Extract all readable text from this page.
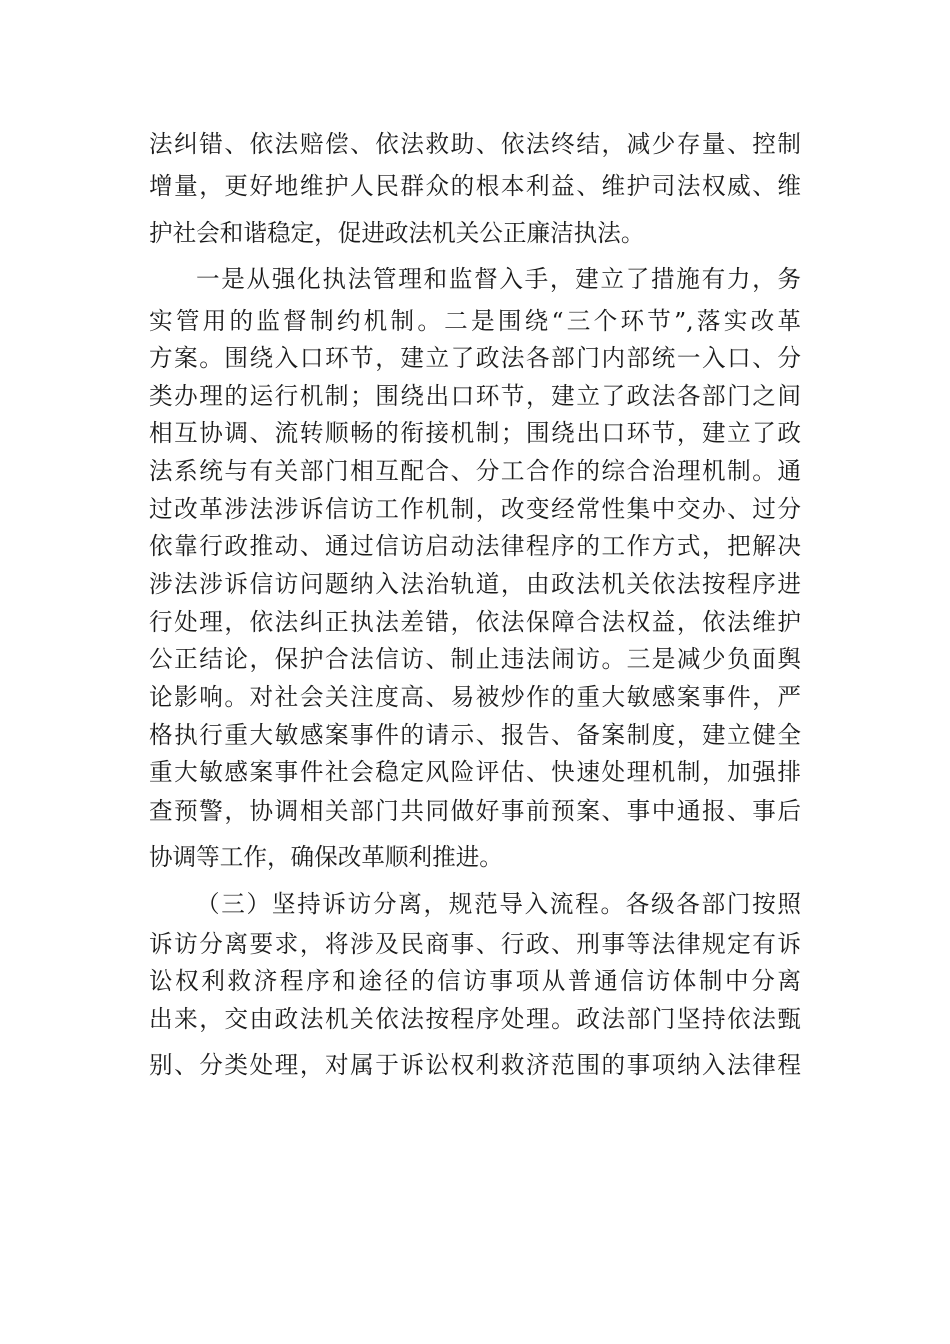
法纠错、依法赔偿、依法救助、依法终结，减少存量、控制
增量，更好地维护人民群众的根本利益、维护司法权威、维
护社会和谐稳定，促进政法机关公正廉洁执法。
一是从强化执法管理和监督入手，建立了措施有力，务
实管用的监督制约机制。二是围绕“三个环节”,落实改革
方案。围绕入口环节，建立了政法各部门内部统一入口、分
类办理的运行机制；围绕出口环节，建立了政法各部门之间
相互协调、流转顺畅的衔接机制；围绕出口环节，建立了政
法系统与有关部门相互配合、分工合作的综合治理机制。通
过改革涉法涉诉信访工作机制，改变经常性集中交办、过分
依靠行政推动、通过信访启动法律程序的工作方式，把解决
涉法涉诉信访问题纳入法治轨道，由政法机关依法按程序进
行处理，依法纠正执法差错，依法保障合法权益，依法维护
公正结论，保护合法信访、制止违法闹访。三是减少负面舆
论影响。对社会关注度高、易被炒作的重大敏感案事件，严
格执行重大敏感案事件的请示、报告、备案制度，建立健全
重大敏感案事件社会稳定风险评估、快速处理机制，加强排
查预警，协调相关部门共同做好事前预案、事中通报、事后
协调等工作，确保改革顺利推进。
（三）坚持诉访分离，规范导入流程。各级各部门按照
诉访分离要求，将涉及民商事、行政、刑事等法律规定有诉
讼权利救济程序和途径的信访事项从普通信访体制中分离
出来，交由政法机关依法按程序处理。政法部门坚持依法甄
别、分类处理，对属于诉讼权利救济范围的事项纳入法律程
